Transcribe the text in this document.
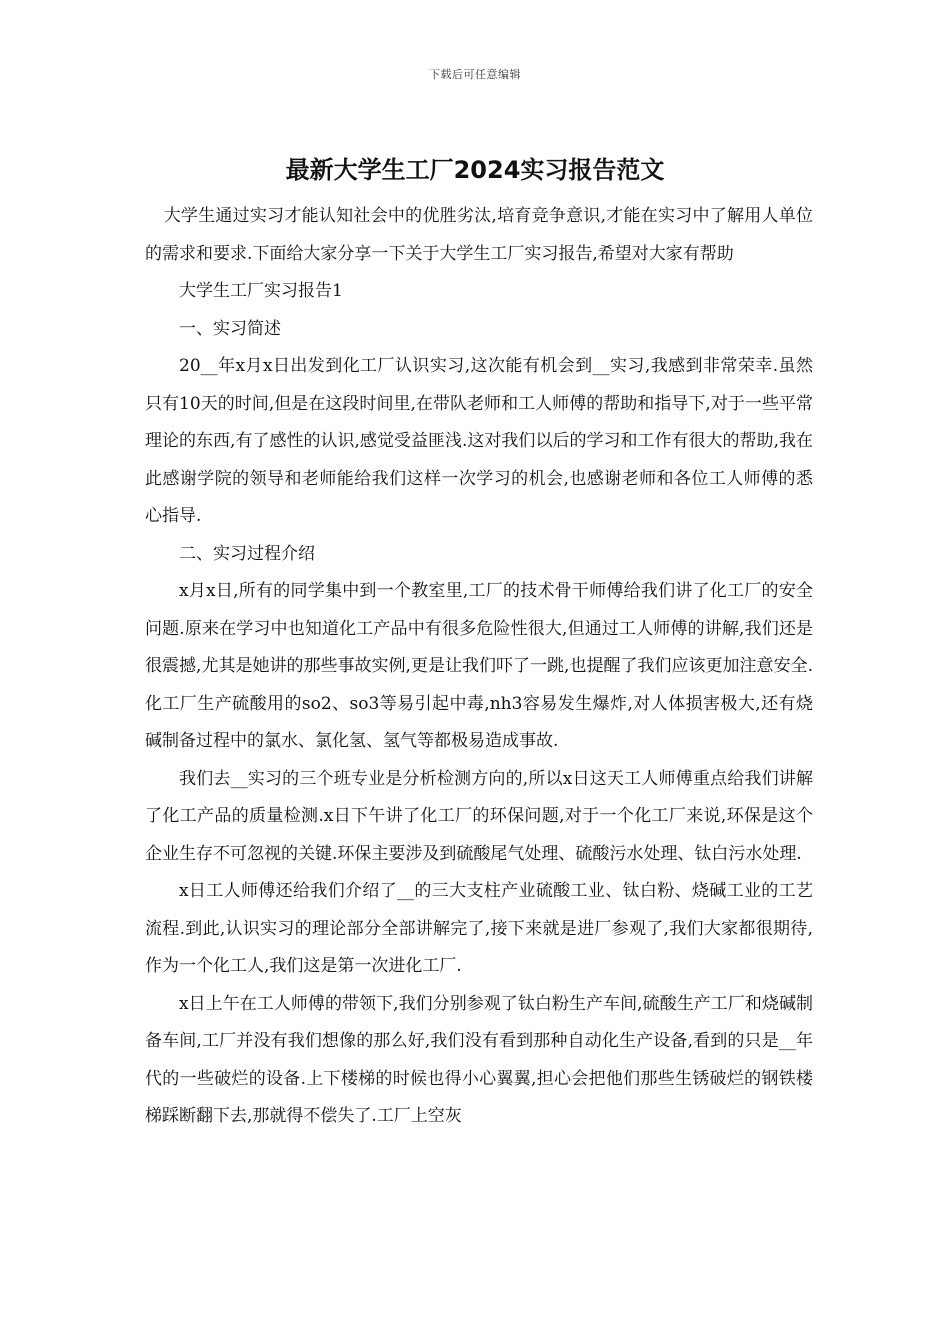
下载后可任意编辑
最新大学生工厂2024实习报告范文

大学生通过实习才能认知社会中的优胜劣汰,培育竞争意识,才能在实习中了解用人单位的需求和要求.下面给大家分享一下关于大学生工厂实习报告,希望对大家有帮助

大学生工厂实习报告1

一、实习简述

20__年x月x日出发到化工厂认识实习,这次能有机会到__实习,我感到非常荣幸.虽然只有10天的时间,但是在这段时间里,在带队老师和工人师傅的帮助和指导下,对于一些平常理论的东西,有了感性的认识,感觉受益匪浅.这对我们以后的学习和工作有很大的帮助,我在此感谢学院的领导和老师能给我们这样一次学习的机会,也感谢老师和各位工人师傅的悉心指导.

二、实习过程介绍

x月x日,所有的同学集中到一个教室里,工厂的技术骨干师傅给我们讲了化工厂的安全问题.原来在学习中也知道化工产品中有很多危险性很大,但通过工人师傅的讲解,我们还是很震撼,尤其是她讲的那些事故实例,更是让我们吓了一跳,也提醒了我们应该更加注意安全.化工厂生产硫酸用的so2、so3等易引起中毒,nh3容易发生爆炸,对人体损害极大,还有烧碱制备过程中的氯水、氯化氢、氢气等都极易造成事故.

我们去__实习的三个班专业是分析检测方向的,所以x日这天工人师傅重点给我们讲解了化工产品的质量检测.x日下午讲了化工厂的环保问题,对于一个化工厂来说,环保是这个企业生存不可忽视的关键.环保主要涉及到硫酸尾气处理、硫酸污水处理、钛白污水处理.

x日工人师傅还给我们介绍了__的三大支柱产业硫酸工业、钛白粉、烧碱工业的工艺流程.到此,认识实习的理论部分全部讲解完了,接下来就是进厂参观了,我们大家都很期待,作为一个化工人,我们这是第一次进化工厂.

x日上午在工人师傅的带领下,我们分别参观了钛白粉生产车间,硫酸生产工厂和烧碱制备车间,工厂并没有我们想像的那么好,我们没有看到那种自动化生产设备,看到的只是__年代的一些破烂的设备.上下楼梯的时候也得小心翼翼,担心会把他们那些生锈破烂的钢铁楼梯踩断翻下去,那就得不偿失了.工厂上空灰
